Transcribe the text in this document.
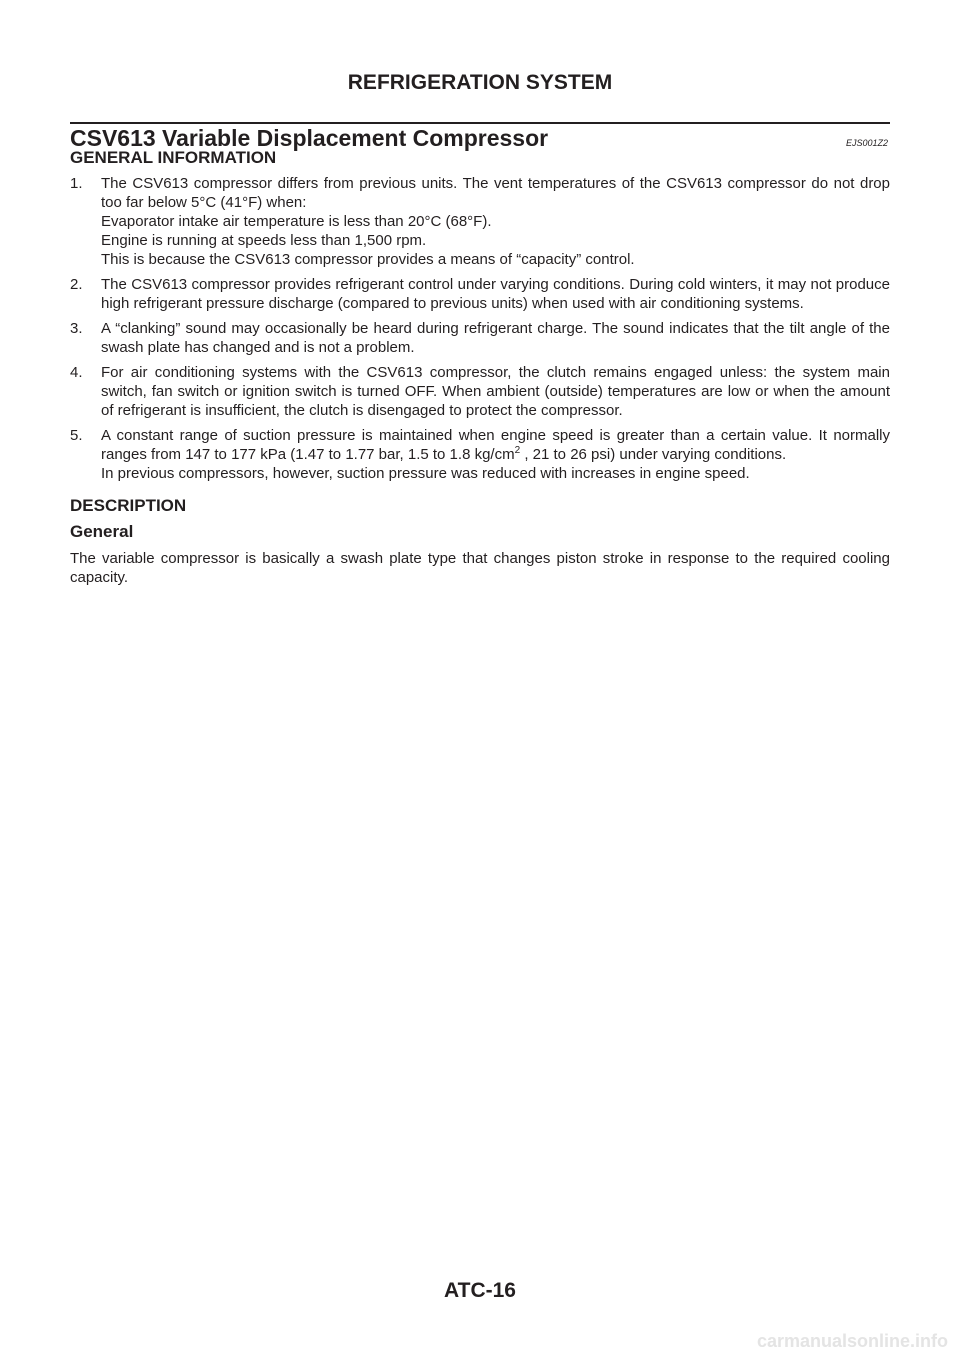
REFRIGERATION SYSTEM
CSV613 Variable Displacement Compressor	EJS001Z2
GENERAL INFORMATION
1. The CSV613 compressor differs from previous units. The vent temperatures of the CSV613 compressor do not drop too far below 5°C (41°F) when:
Evaporator intake air temperature is less than 20°C (68°F).
Engine is running at speeds less than 1,500 rpm.
This is because the CSV613 compressor provides a means of “capacity” control.
2. The CSV613 compressor provides refrigerant control under varying conditions. During cold winters, it may not produce high refrigerant pressure discharge (compared to previous units) when used with air conditioning systems.
3. A “clanking” sound may occasionally be heard during refrigerant charge. The sound indicates that the tilt angle of the swash plate has changed and is not a problem.
4. For air conditioning systems with the CSV613 compressor, the clutch remains engaged unless: the system main switch, fan switch or ignition switch is turned OFF. When ambient (outside) temperatures are low or when the amount of refrigerant is insufficient, the clutch is disengaged to protect the compressor.
5. A constant range of suction pressure is maintained when engine speed is greater than a certain value. It normally ranges from 147 to 177 kPa (1.47 to 1.77 bar, 1.5 to 1.8 $kg/cm^2$ , 21 to 26 psi) under varying conditions.
In previous compressors, however, suction pressure was reduced with increases in engine speed.
DESCRIPTION
General

The variable compressor is basically a swash plate type that changes piston stroke in response to the required cooling capacity.

ATC-16
carmanualsonline.info
